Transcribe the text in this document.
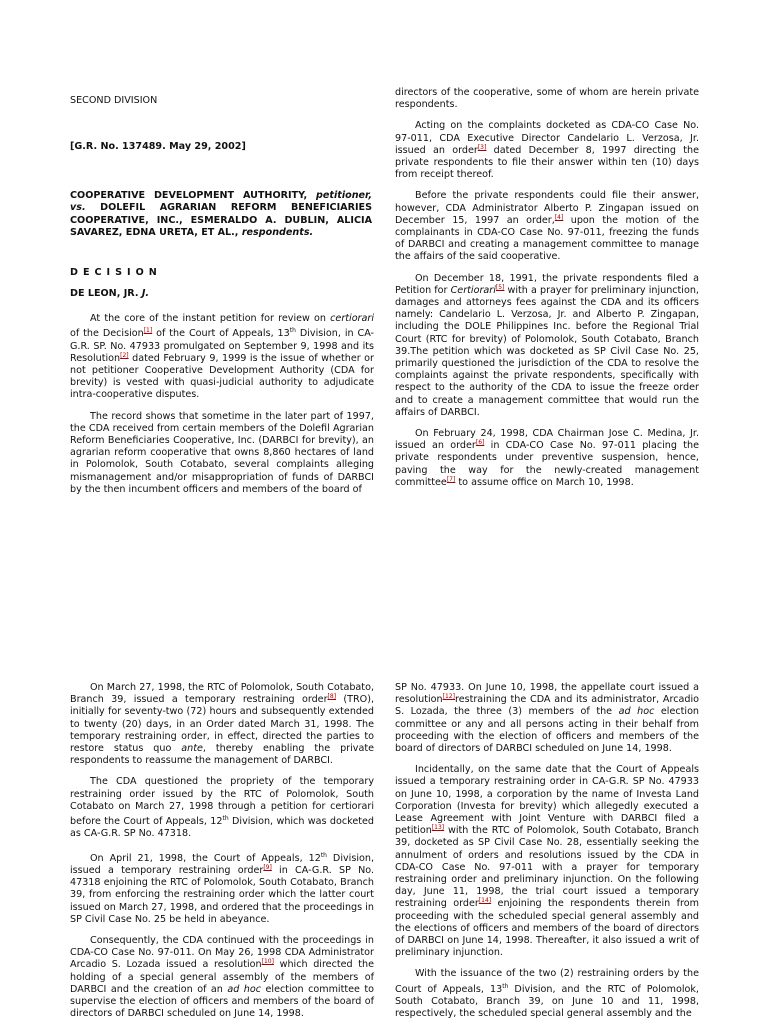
SECOND DIVISION
[G.R. No. 137489. May 29, 2002]
COOPERATIVE DEVELOPMENT AUTHORITY, petitioner, vs. DOLEFIL AGRARIAN REFORM BENEFICIARIES COOPERATIVE, INC., ESMERALDO A. DUBLIN, ALICIA SAVAREZ, EDNA URETA, ET AL., respondents.
DECISION
DE LEON, JR. J.

At the core of the instant petition for review on certiorari of the Decision[1] of the Court of Appeals, 13th Division, in CA-G.R. SP. No. 47933 promulgated on September 9, 1998 and its Resolution[2] dated February 9, 1999 is the issue of whether or not petitioner Cooperative Development Authority (CDA for brevity) is vested with quasi-judicial authority to adjudicate intra-cooperative disputes.

The record shows that sometime in the later part of 1997, the CDA received from certain members of the Dolefil Agrarian Reform Beneficiaries Cooperative, Inc. (DARBCI for brevity), an agrarian reform cooperative that owns 8,860 hectares of land in Polomolok, South Cotabato, several complaints alleging mismanagement and/or misappropriation of funds of DARBCI by the then incumbent officers and members of the board of

directors of the cooperative, some of whom are herein private respondents.

Acting on the complaints docketed as CDA-CO Case No. 97-011, CDA Executive Director Candelario L. Verzosa, Jr. issued an order[3] dated December 8, 1997 directing the private respondents to file their answer within ten (10) days from receipt thereof.

Before the private respondents could file their answer, however, CDA Administrator Alberto P. Zingapan issued on December 15, 1997 an order,[4] upon the motion of the complainants in CDA-CO Case No. 97-011, freezing the funds of DARBCI and creating a management committee to manage the affairs of the said cooperative.

On December 18, 1991, the private respondents filed a Petition for Certiorari[5] with a prayer for preliminary injunction, damages and attorneys fees against the CDA and its officers namely: Candelario L. Verzosa, Jr. and Alberto P. Zingapan, including the DOLE Philippines Inc. before the Regional Trial Court (RTC for brevity) of Polomolok, South Cotabato, Branch 39.The petition which was docketed as SP Civil Case No. 25, primarily questioned the jurisdiction of the CDA to resolve the complaints against the private respondents, specifically with respect to the authority of the CDA to issue the freeze order and to create a management committee that would run the affairs of DARBCI.

On February 24, 1998, CDA Chairman Jose C. Medina, Jr. issued an order[6] in CDA-CO Case No. 97-011 placing the private respondents under preventive suspension, hence, paving the way for the newly-created management committee[7] to assume office on March 10, 1998.

On March 27, 1998, the RTC of Polomolok, South Cotabato, Branch 39, issued a temporary restraining order[8] (TRO), initially for seventy-two (72) hours and subsequently extended to twenty (20) days, in an Order dated March 31, 1998. The temporary restraining order, in effect, directed the parties to restore status quo ante, thereby enabling the private respondents to reassume the management of DARBCI.

The CDA questioned the propriety of the temporary restraining order issued by the RTC of Polomolok, South Cotabato on March 27, 1998 through a petition for certiorari before the Court of Appeals, 12th Division, which was docketed as CA-G.R. SP No. 47318.

On April 21, 1998, the Court of Appeals, 12th Division, issued a temporary restraining order[9] in CA-G.R. SP No. 47318 enjoining the RTC of Polomolok, South Cotabato, Branch 39, from enforcing the restraining order which the latter court issued on March 27, 1998, and ordered that the proceedings in SP Civil Case No. 25 be held in abeyance.

Consequently, the CDA continued with the proceedings in CDA-CO Case No. 97-011. On May 26, 1998 CDA Administrator Arcadio S. Lozada issued a resolution[10] which directed the holding of a special general assembly of the members of DARBCI and the creation of an ad hoc election committee to supervise the election of officers and members of the board of directors of DARBCI scheduled on June 14, 1998.

SP No. 47933. On June 10, 1998, the appellate court issued a resolution[12]restraining the CDA and its administrator, Arcadio S. Lozada, the three (3) members of the ad hoc election committee or any and all persons acting in their behalf from proceeding with the election of officers and members of the board of directors of DARBCI scheduled on June 14, 1998.

Incidentally, on the same date that the Court of Appeals issued a temporary restraining order in CA-G.R. SP No. 47933 on June 10, 1998, a corporation by the name of Investa Land Corporation (Investa for brevity) which allegedly executed a Lease Agreement with Joint Venture with DARBCI filed a petition[13] with the RTC of Polomolok, South Cotabato, Branch 39, docketed as SP Civil Case No. 28, essentially seeking the annulment of orders and resolutions issued by the CDA in CDA-CO Case No. 97-011 with a prayer for temporary restraining order and preliminary injunction. On the following day, June 11, 1998, the trial court issued a temporary restraining order[14] enjoining the respondents therein from proceeding with the scheduled special general assembly and the elections of officers and members of the board of directors of DARBCI on June 14, 1998. Thereafter, it also issued a writ of preliminary injunction.

With the issuance of the two (2) restraining orders by the Court of Appeals, 13th Division, and the RTC of Polomolok, South Cotabato, Branch 39, on June 10 and 11, 1998, respectively, the scheduled special general assembly and the
